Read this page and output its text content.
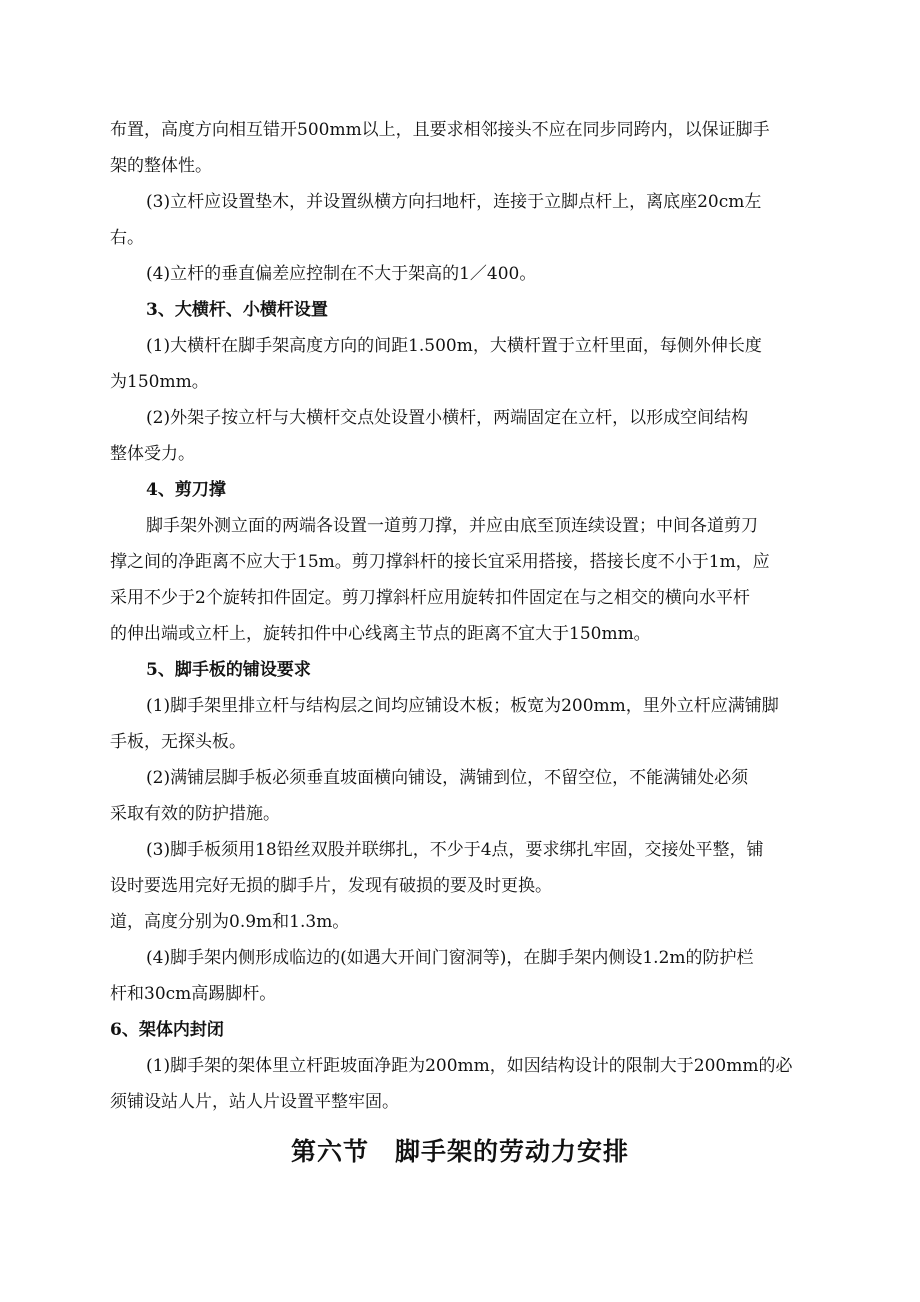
布置，高度方向相互错开500mm以上，且要求相邻接头不应在同步同跨内，以保证脚手
架的整体性。
(3)立杆应设置垫木，并设置纵横方向扫地杆，连接于立脚点杆上，离底座20cm左
右。
(4)立杆的垂直偏差应控制在不大于架高的1／400。
3、大横杆、小横杆设置
(1)大横杆在脚手架高度方向的间距1.500m，大横杆置于立杆里面，每侧外伸长度
为150mm。
(2)外架子按立杆与大横杆交点处设置小横杆，两端固定在立杆，以形成空间结构
整体受力。
4、剪刀撑
脚手架外测立面的两端各设置一道剪刀撑，并应由底至顶连续设置；中间各道剪刀
撑之间的净距离不应大于15m。剪刀撑斜杆的接长宜采用搭接，搭接长度不小于1m，应
采用不少于2个旋转扣件固定。剪刀撑斜杆应用旋转扣件固定在与之相交的横向水平杆
的伸出端或立杆上，旋转扣件中心线离主节点的距离不宜大于150mm。
5、脚手板的铺设要求
(1)脚手架里排立杆与结构层之间均应铺设木板；板宽为200mm，里外立杆应满铺脚
手板，无探头板。
(2)满铺层脚手板必须垂直坡面横向铺设，满铺到位，不留空位，不能满铺处必须
采取有效的防护措施。
(3)脚手板须用18铅丝双股并联绑扎，不少于4点，要求绑扎牢固，交接处平整，铺
设时要选用完好无损的脚手片，发现有破损的要及时更换。
道，高度分别为0.9m和1.3m。
(4)脚手架内侧形成临边的(如遇大开间门窗洞等)，在脚手架内侧设1.2m的防护栏
杆和30cm高踢脚杆。
6、架体内封闭
(1)脚手架的架体里立杆距坡面净距为200mm，如因结构设计的限制大于200mm的必
须铺设站人片，站人片设置平整牢固。
第六节　脚手架的劳动力安排
